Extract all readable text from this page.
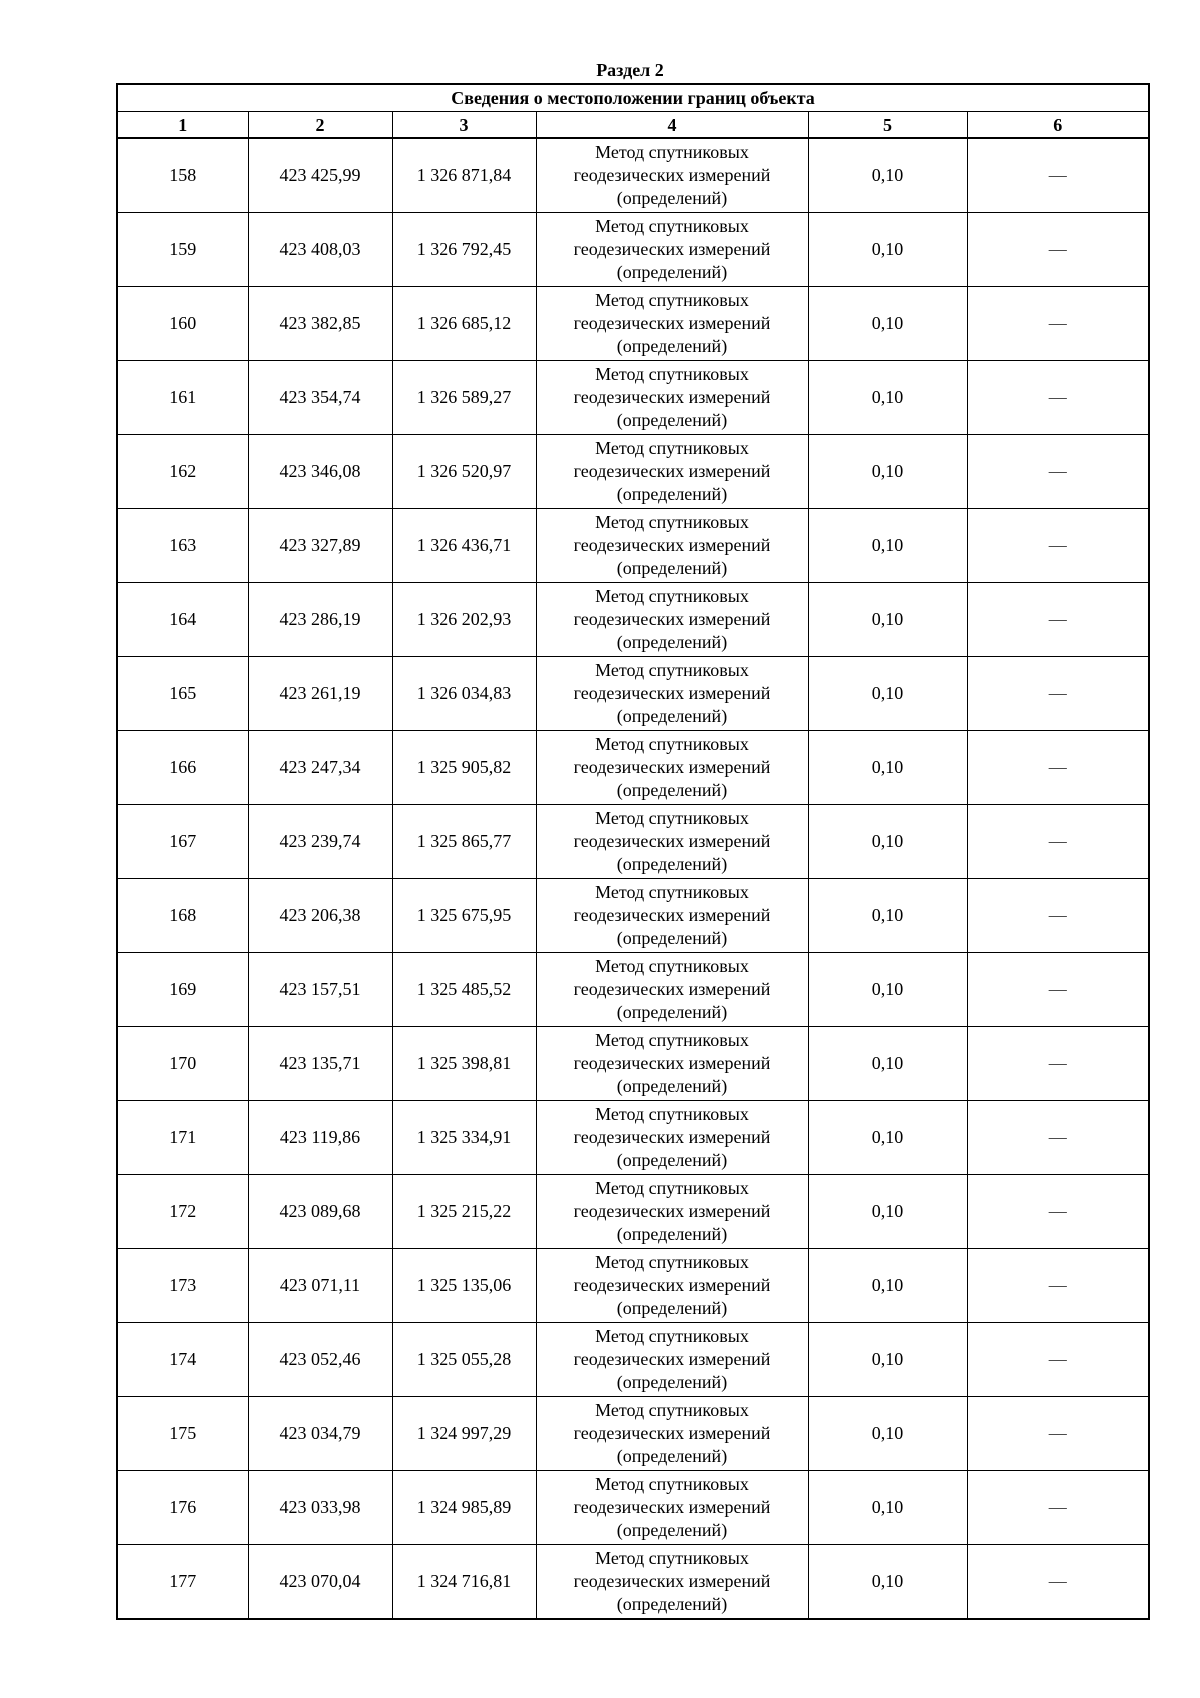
Раздел 2
Сведения о местоположении границ объекта					
1	2	3	4	5	6
158	423 425,99	1 326 871,84	Метод спутниковых геодезических измерений (определений)	0,10	—
159	423 408,03	1 326 792,45	Метод спутниковых геодезических измерений (определений)	0,10	—
160	423 382,85	1 326 685,12	Метод спутниковых геодезических измерений (определений)	0,10	—
161	423 354,74	1 326 589,27	Метод спутниковых геодезических измерений (определений)	0,10	—
162	423 346,08	1 326 520,97	Метод спутниковых геодезических измерений (определений)	0,10	—
163	423 327,89	1 326 436,71	Метод спутниковых геодезических измерений (определений)	0,10	—
164	423 286,19	1 326 202,93	Метод спутниковых геодезических измерений (определений)	0,10	—
165	423 261,19	1 326 034,83	Метод спутниковых геодезических измерений (определений)	0,10	—
166	423 247,34	1 325 905,82	Метод спутниковых геодезических измерений (определений)	0,10	—
167	423 239,74	1 325 865,77	Метод спутниковых геодезических измерений (определений)	0,10	—
168	423 206,38	1 325 675,95	Метод спутниковых геодезических измерений (определений)	0,10	—
169	423 157,51	1 325 485,52	Метод спутниковых геодезических измерений (определений)	0,10	—
170	423 135,71	1 325 398,81	Метод спутниковых геодезических измерений (определений)	0,10	—
171	423 119,86	1 325 334,91	Метод спутниковых геодезических измерений (определений)	0,10	—
172	423 089,68	1 325 215,22	Метод спутниковых геодезических измерений (определений)	0,10	—
173	423 071,11	1 325 135,06	Метод спутниковых геодезических измерений (определений)	0,10	—
174	423 052,46	1 325 055,28	Метод спутниковых геодезических измерений (определений)	0,10	—
175	423 034,79	1 324 997,29	Метод спутниковых геодезических измерений (определений)	0,10	—
176	423 033,98	1 324 985,89	Метод спутниковых геодезических измерений (определений)	0,10	—
177	423 070,04	1 324 716,81	Метод спутниковых геодезических измерений (определений)	0,10	—
